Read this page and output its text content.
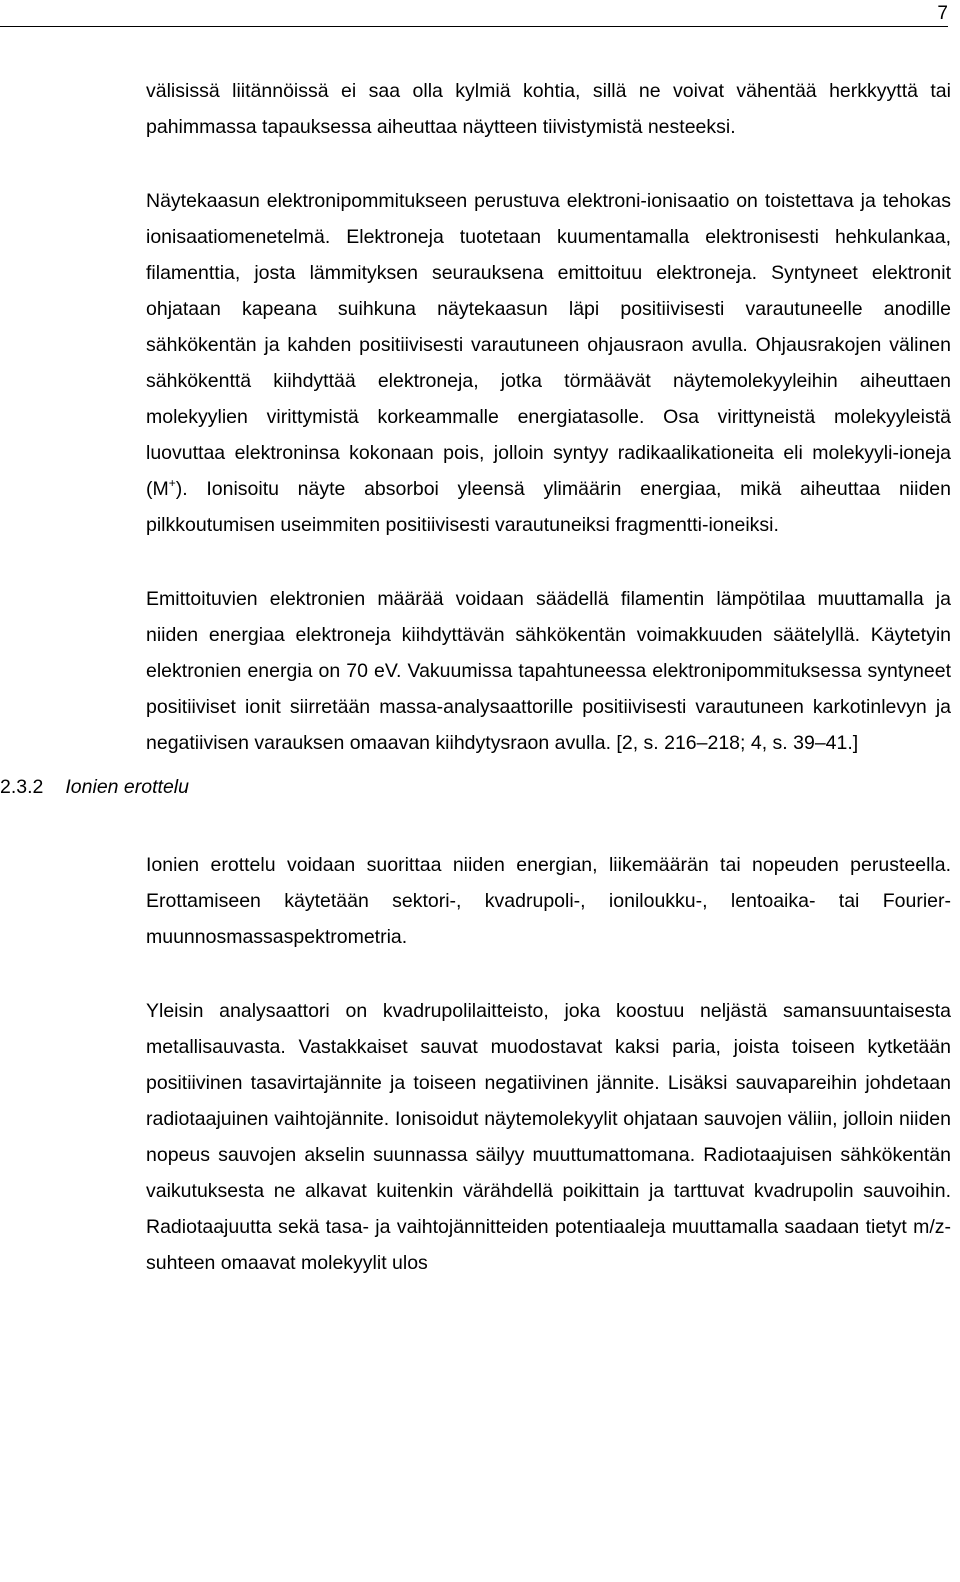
7

välisissä liitännöissä ei saa olla kylmiä kohtia, sillä ne voivat vähentää herkkyyttä tai pahimmassa tapauksessa aiheuttaa näytteen tiivistymistä nesteeksi.

Näytekaasun elektronipommitukseen perustuva elektroni-ionisaatio on toistettava ja tehokas ionisaatiomenetelmä. Elektroneja tuotetaan kuumentamalla elektronisesti hehkulankaa, filamenttia, josta lämmityksen seurauksena emittoituu elektroneja. Syntyneet elektronit ohjataan kapeana suihkuna näytekaasun läpi positiivisesti varautuneelle anodille sähkökentän ja kahden positiivisesti varautuneen ohjausraon avulla. Ohjausrakojen välinen sähkökenttä kiihdyttää elektroneja, jotka törmäävät näytemolekyyleihin aiheuttaen molekyylien virittymistä korkeammalle energiatasolle. Osa virittyneistä molekyyleistä luovuttaa elektroninsa kokonaan pois, jolloin syntyy radikaalikationeita eli molekyyli-ioneja (M+). Ionisoitu näyte absorboi yleensä ylimäärin energiaa, mikä aiheuttaa niiden pilkkoutumisen useimmiten positiivisesti varautuneiksi fragmentti-ioneiksi.

Emittoituvien elektronien määrää voidaan säädellä filamentin lämpötilaa muuttamalla ja niiden energiaa elektroneja kiihdyttävän sähkökentän voimakkuuden säätelyllä. Käytetyin elektronien energia on 70 eV. Vakuumissa tapahtuneessa elektronipommituksessa syntyneet positiiviset ionit siirretään massa-analysaattorille positiivisesti varautuneen karkotinlevyn ja negatiivisen varauksen omaavan kiihdytysraon avulla. [2, s. 216–218; 4, s. 39–41.]

2.3.2 Ionien erottelu

Ionien erottelu voidaan suorittaa niiden energian, liikemäärän tai nopeuden perusteella. Erottamiseen käytetään sektori-, kvadrupoli-, ioniloukku-, lentoaika- tai Fourier-muunnosmassaspektrometria.

Yleisin analysaattori on kvadrupolilaitteisto, joka koostuu neljästä samansuuntaisesta metallisauvasta. Vastakkaiset sauvat muodostavat kaksi paria, joista toiseen kytketään positiivinen tasavirtajännite ja toiseen negatiivinen jännite. Lisäksi sauvapareihin johdetaan radiotaajuinen vaihtojännite. Ionisoidut näytemolekyylit ohjataan sauvojen väliin, jolloin niiden nopeus sauvojen akselin suunnassa säilyy muuttumattomana. Radiotaajuisen sähkökentän vaikutuksesta ne alkavat kuitenkin värähdellä poikittain ja tarttuvat kvadrupolin sauvoihin. Radiotaajuutta sekä tasa- ja vaihtojännitteiden potentiaaleja muuttamalla saadaan tietyt m/z-suhteen omaavat molekyylit ulos
